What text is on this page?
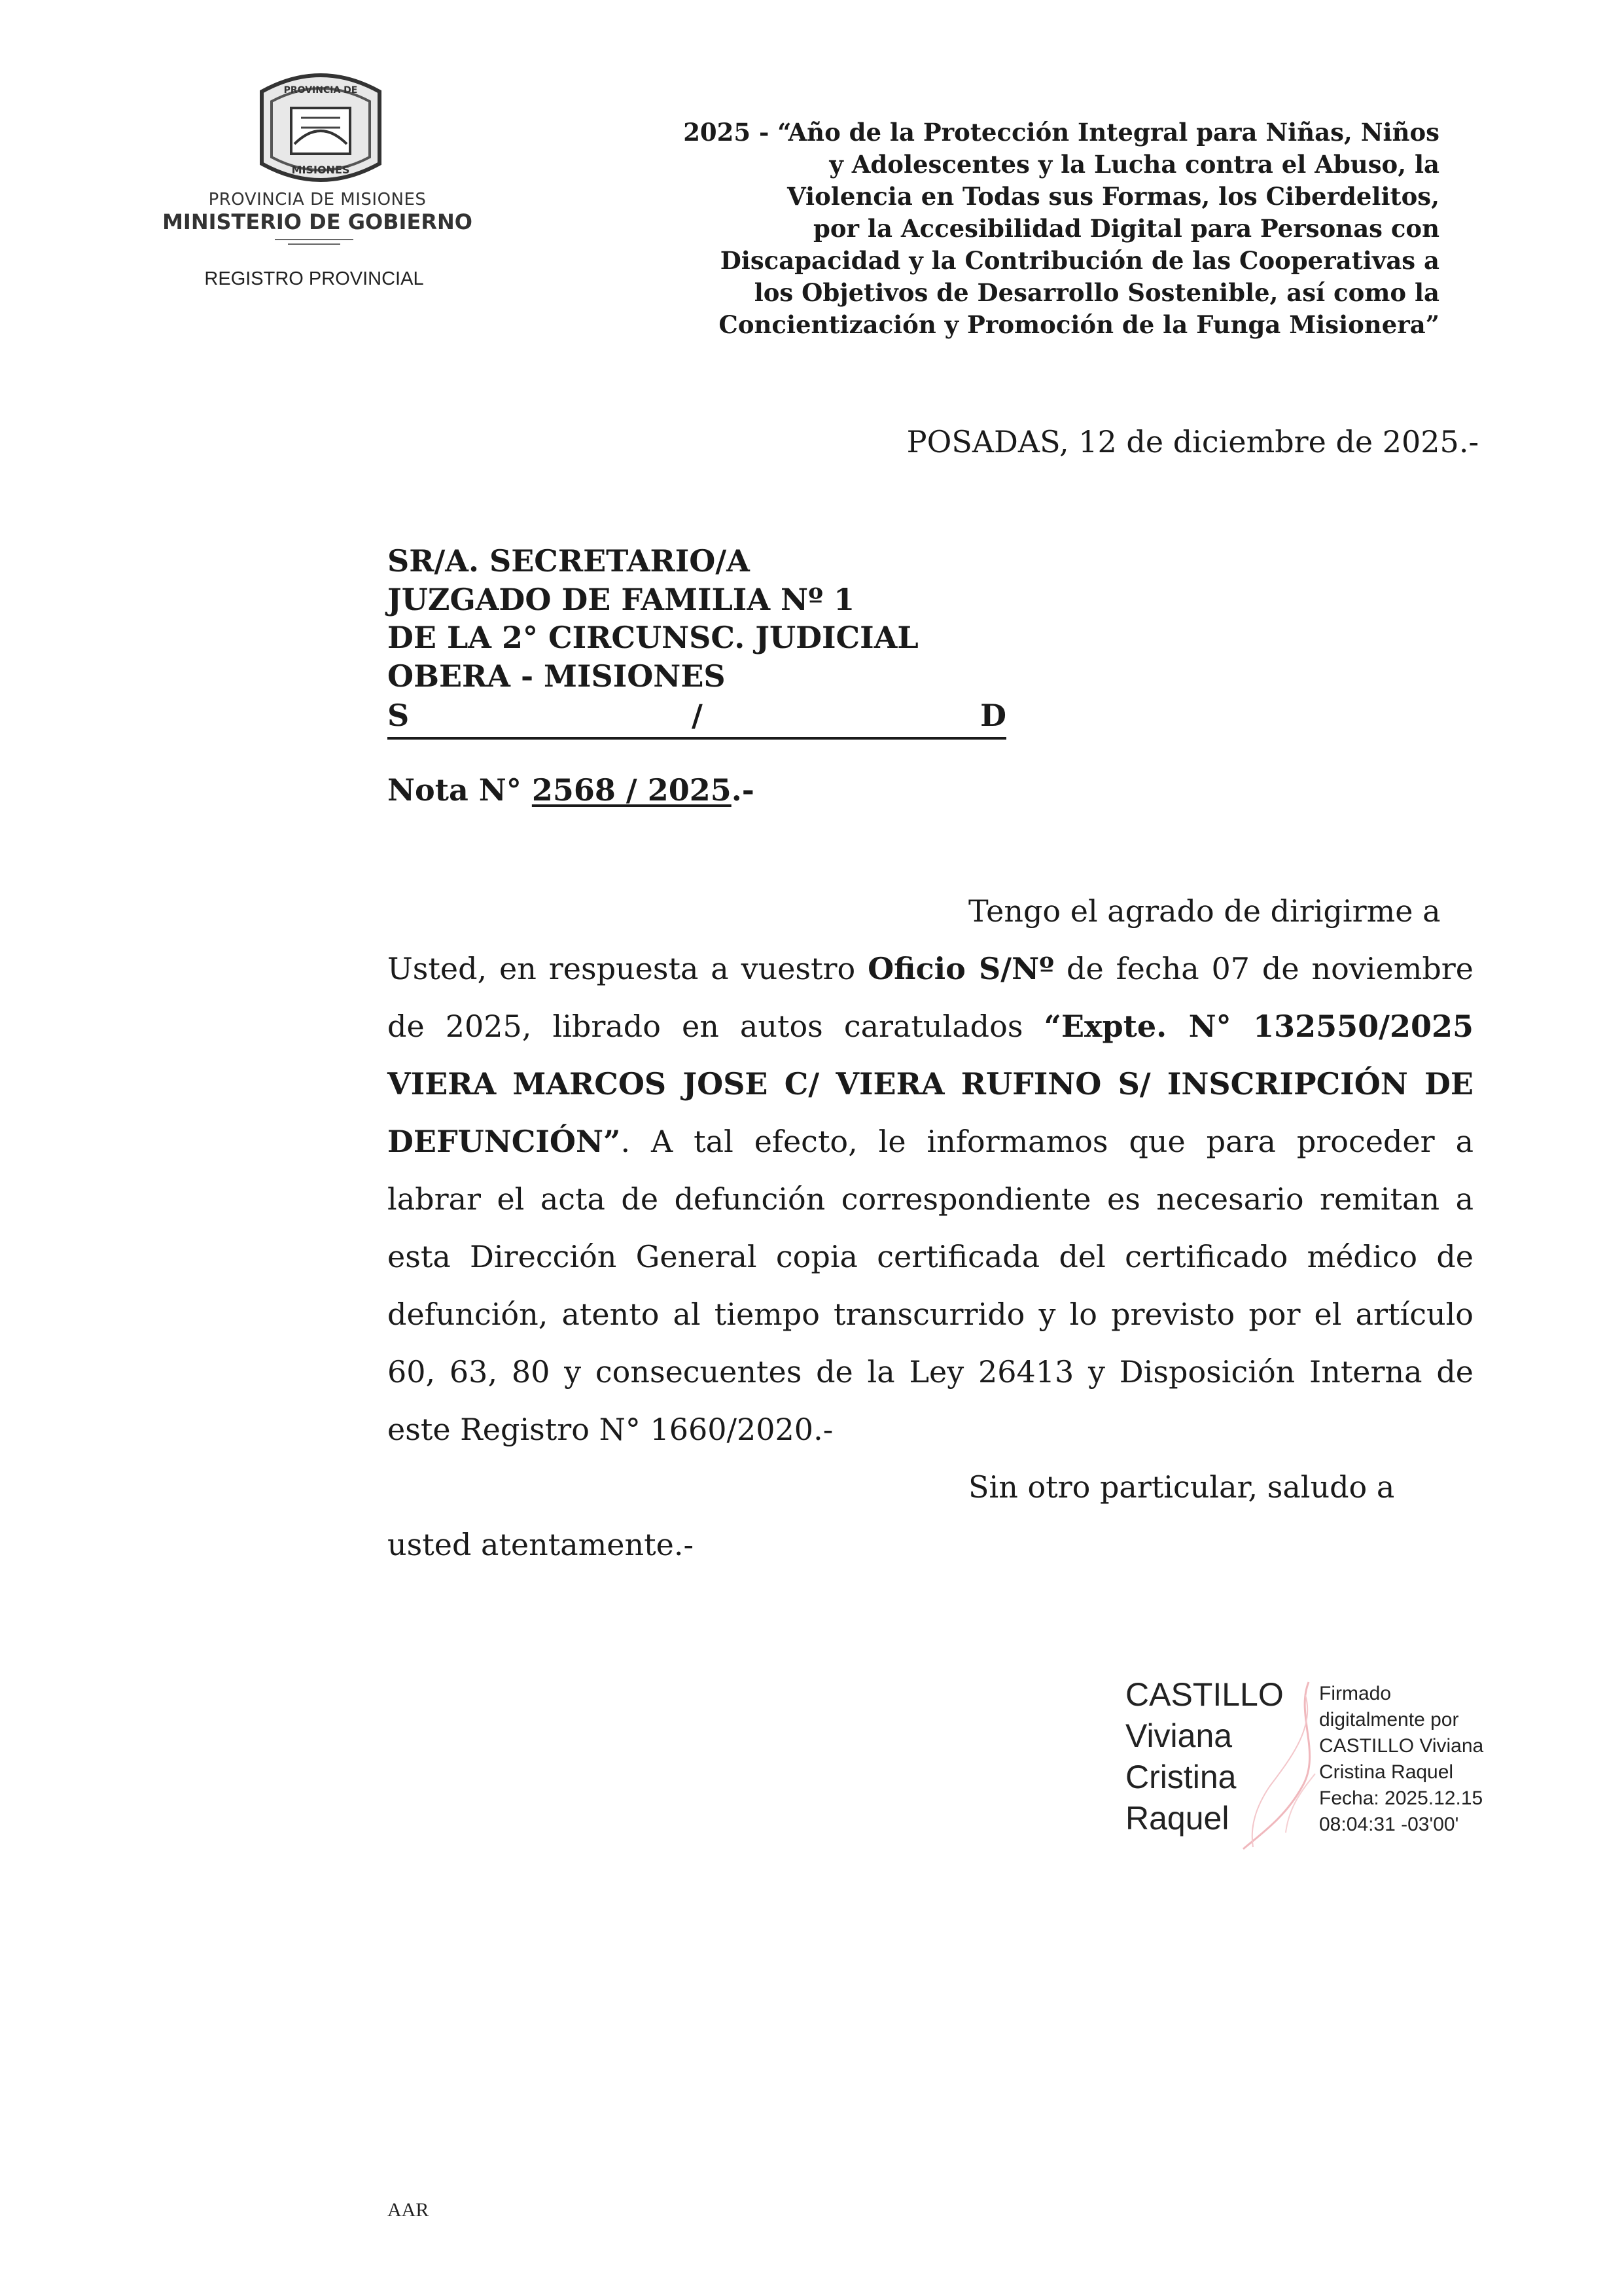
PROVINCIA DE
MISIONES
PROVINCIA DE MISIONES
MINISTERIO DE GOBIERNO
REGISTRO PROVINCIAL
2025 - “Año de la Protección Integral para Niñas, Niños
y Adolescentes y la Lucha contra el Abuso, la
Violencia en Todas sus Formas, los Ciberdelitos,
por la Accesibilidad Digital para Personas con
Discapacidad y la Contribución de las Cooperativas a
los Objetivos de Desarrollo Sostenible, así como la
Concientización y Promoción de la Funga Misionera”
POSADAS, 12 de diciembre de 2025.-
SR/A. SECRETARIO/A
JUZGADO DE FAMILIA Nº 1
DE LA 2° CIRCUNSC. JUDICIAL
OBERA - MISIONES
S	/	D
Nota N° 2568 / 2025.-
Tengo el agrado de dirigirme a

Usted, en respuesta a vuestro Oficio S/Nº de fecha 07 de noviembre de 2025, librado en autos caratulados “Expte. N° 132550/2025 VIERA MARCOS JOSE C/ VIERA RUFINO S/ INSCRIPCIÓN DE DEFUNCIÓN”. A tal efecto, le informamos que para proceder a labrar el acta de defunción correspondiente es necesario remitan a esta Dirección General copia certificada del certificado médico de defunción, atento al tiempo transcurrido y lo previsto por el artículo 60, 63, 80 y consecuentes de la Ley 26413 y Disposición Interna de este Registro N° 1660/2020.-

Sin otro particular, saludo a

usted atentamente.-

CASTILLO
Viviana
Cristina
Raquel
Firmado
digitalmente por
CASTILLO Viviana
Cristina Raquel
Fecha: 2025.12.15
08:04:31 -03'00'
AAR
